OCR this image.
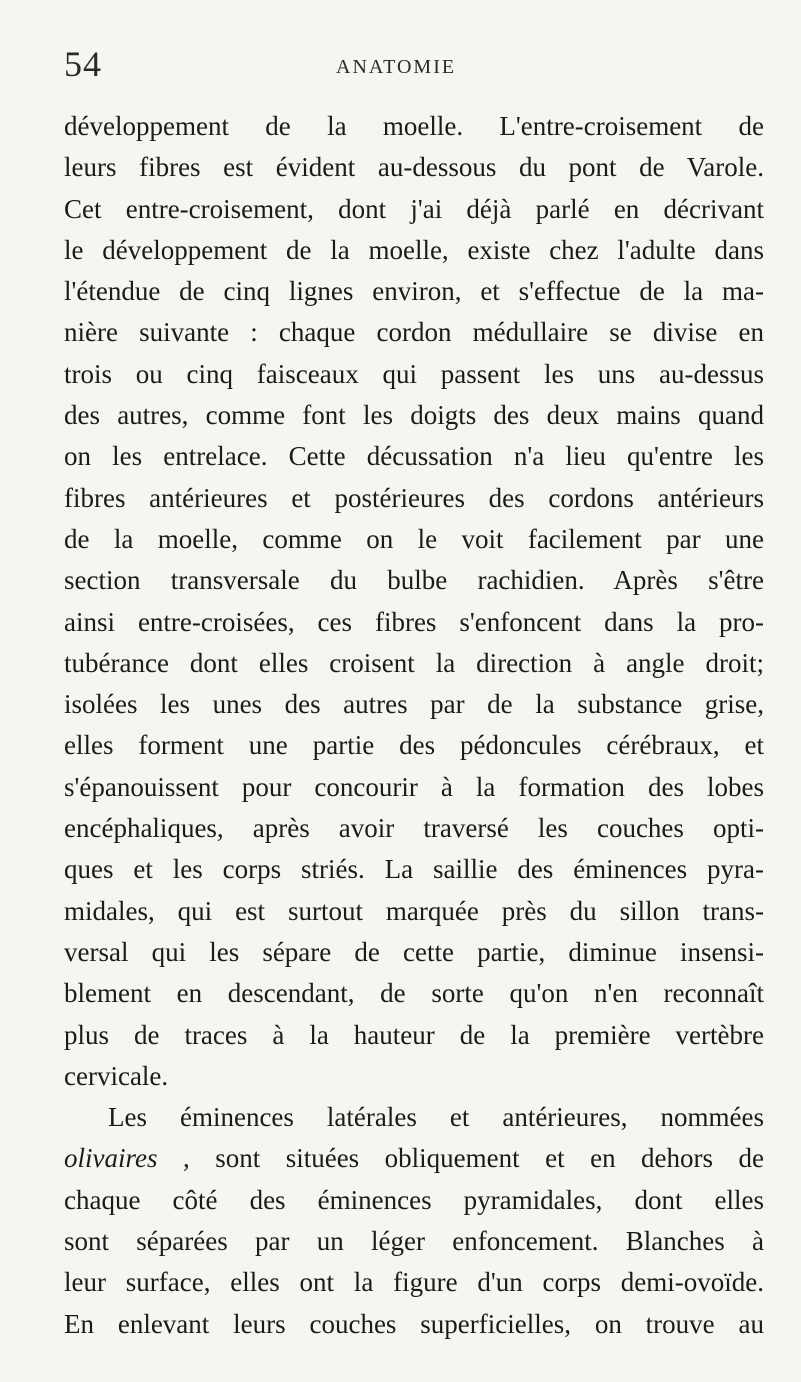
54	ANATOMIE
développement de la moelle. L'entre-croisement de
leurs fibres est évident au-dessous du pont de Varole.
Cet entre-croisement, dont j'ai déjà parlé en décrivant
le développement de la moelle, existe chez l'adulte dans
l'étendue de cinq lignes environ, et s'effectue de la ma-
nière suivante : chaque cordon médullaire se divise en
trois ou cinq faisceaux qui passent les uns au-dessus
des autres, comme font les doigts des deux mains quand
on les entrelace. Cette décussation n'a lieu qu'entre les
fibres antérieures et postérieures des cordons antérieurs
de la moelle, comme on le voit facilement par une
section transversale du bulbe rachidien. Après s'être
ainsi entre-croisées, ces fibres s'enfoncent dans la pro-
tubérance dont elles croisent la direction à angle droit;
isolées les unes des autres par de la substance grise,
elles forment une partie des pédoncules cérébraux, et
s'épanouissent pour concourir à la formation des lobes
encéphaliques, après avoir traversé les couches opti-
ques et les corps striés. La saillie des éminences pyra-
midales, qui est surtout marquée près du sillon trans-
versal qui les sépare de cette partie, diminue insensi-
blement en descendant, de sorte qu'on n'en reconnaît
plus de traces à la hauteur de la première vertèbre
cervicale.
Les éminences latérales et antérieures, nommées
olivaires , sont situées obliquement et en dehors de
chaque côté des éminences pyramidales, dont elles
sont séparées par un léger enfoncement. Blanches à
leur surface, elles ont la figure d'un corps demi-ovoïde.
En enlevant leurs couches superficielles, on trouve au
